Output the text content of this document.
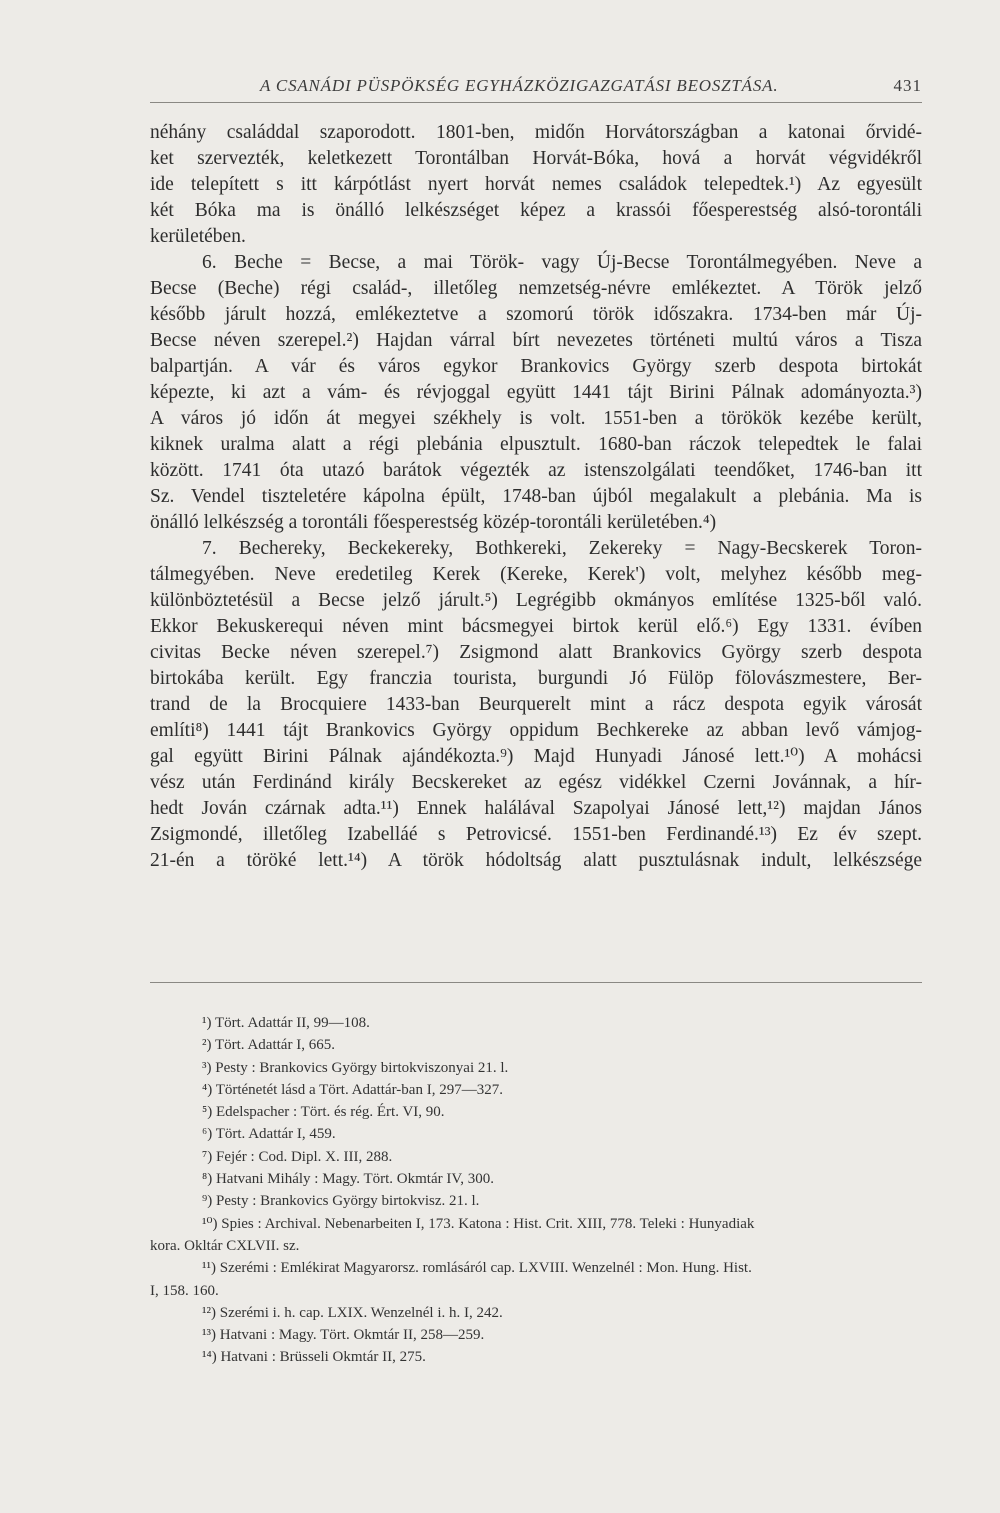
A CSANÁDI PÜSPÖKSÉG EGYHÁZKÖZIGAZGATÁSI BEOSZTÁSA.	431
néhány családdal szaporodott. 1801-ben, midőn Horvátországban a katonai őrvidé-
ket szervezték, keletkezett Torontálban Horvát-Bóka, hová a horvát végvidékről
ide telepített s itt kárpótlást nyert horvát nemes családok telepedtek.¹) Az egyesült
két Bóka ma is önálló lelkészséget képez a krassói főesperestség alsó-torontáli
kerületében.
6. Beche = Becse, a mai Török- vagy Új-Becse Torontálmegyében. Neve a
Becse (Beche) régi család-, illetőleg nemzetség-névre emlékeztet. A Török jelző
később járult hozzá, emlékeztetve a szomorú török időszakra. 1734-ben már Új-
Becse néven szerepel.²) Hajdan várral bírt nevezetes történeti multú város a Tisza
balpartján. A vár és város egykor Brankovics György szerb despota birtokát
képezte, ki azt a vám- és révjoggal együtt 1441 tájt Birini Pálnak adományozta.³)
A város jó időn át megyei székhely is volt. 1551-ben a törökök kezébe került,
kiknek uralma alatt a régi plebánia elpusztult. 1680-ban ráczok telepedtek le falai
között. 1741 óta utazó barátok végezték az istenszolgálati teendőket, 1746-ban itt
Sz. Vendel tiszteletére kápolna épült, 1748-ban újból megalakult a plebánia. Ma is
önálló lelkészség a torontáli főesperestség közép-torontáli kerületében.⁴)
7. Bechereky, Beckekereky, Bothkereki, Zekereky = Nagy-Becskerek Toron-
tálmegyében. Neve eredetileg Kerek (Kereke, Kerek') volt, melyhez később meg-
különböztetésül a Becse jelző járult.⁵) Legrégibb okmányos említése 1325-ből való.
Ekkor Bekuskerequi néven mint bácsmegyei birtok kerül elő.⁶) Egy 1331. évíben
civitas Becke néven szerepel.⁷) Zsigmond alatt Brankovics György szerb despota
birtokába került. Egy franczia tourista, burgundi Jó Fülöp fölovászmestere, Ber-
trand de la Brocquiere 1433-ban Beurquerelt mint a rácz despota egyik városát
említi⁸) 1441 tájt Brankovics György oppidum Bechkereke az abban levő vámjog-
gal együtt Birini Pálnak ajándékozta.⁹) Majd Hunyadi Jánosé lett.¹⁰) A mohácsi
vész után Ferdinánd király Becskereket az egész vidékkel Czerni Jovánnak, a hír-
hedt Jován czárnak adta.¹¹) Ennek halálával Szapolyai Jánosé lett,¹²) majdan János
Zsigmondé, illetőleg Izabelláé s Petrovicsé. 1551-ben Ferdinandé.¹³) Ez év szept.
21-én a töröké lett.¹⁴) A török hódoltság alatt pusztulásnak indult, lelkészsége
¹) Tört. Adattár II, 99—108.
²) Tört. Adattár I, 665.
³) Pesty : Brankovics György birtokviszonyai 21. l.
⁴) Történetét lásd a Tört. Adattár-ban I, 297—327.
⁵) Edelspacher : Tört. és rég. Ért. VI, 90.
⁶) Tört. Adattár I, 459.
⁷) Fejér : Cod. Dipl. X. III, 288.
⁸) Hatvani Mihály : Magy. Tört. Okmtár IV, 300.
⁹) Pesty : Brankovics György birtokvisz. 21. l.
¹⁰) Spies : Archival. Nebenarbeiten I, 173. Katona : Hist. Crit. XIII, 778. Teleki : Hunyadiak
kora. Okltár CXLVII. sz.
¹¹) Szerémi : Emlékirat Magyarorsz. romlásáról cap. LXVIII. Wenzelnél : Mon. Hung. Hist.
I, 158. 160.
¹²) Szerémi i. h. cap. LXIX. Wenzelnél i. h. I, 242.
¹³) Hatvani : Magy. Tört. Okmtár II, 258—259.
¹⁴) Hatvani : Brüsseli Okmtár II, 275.
